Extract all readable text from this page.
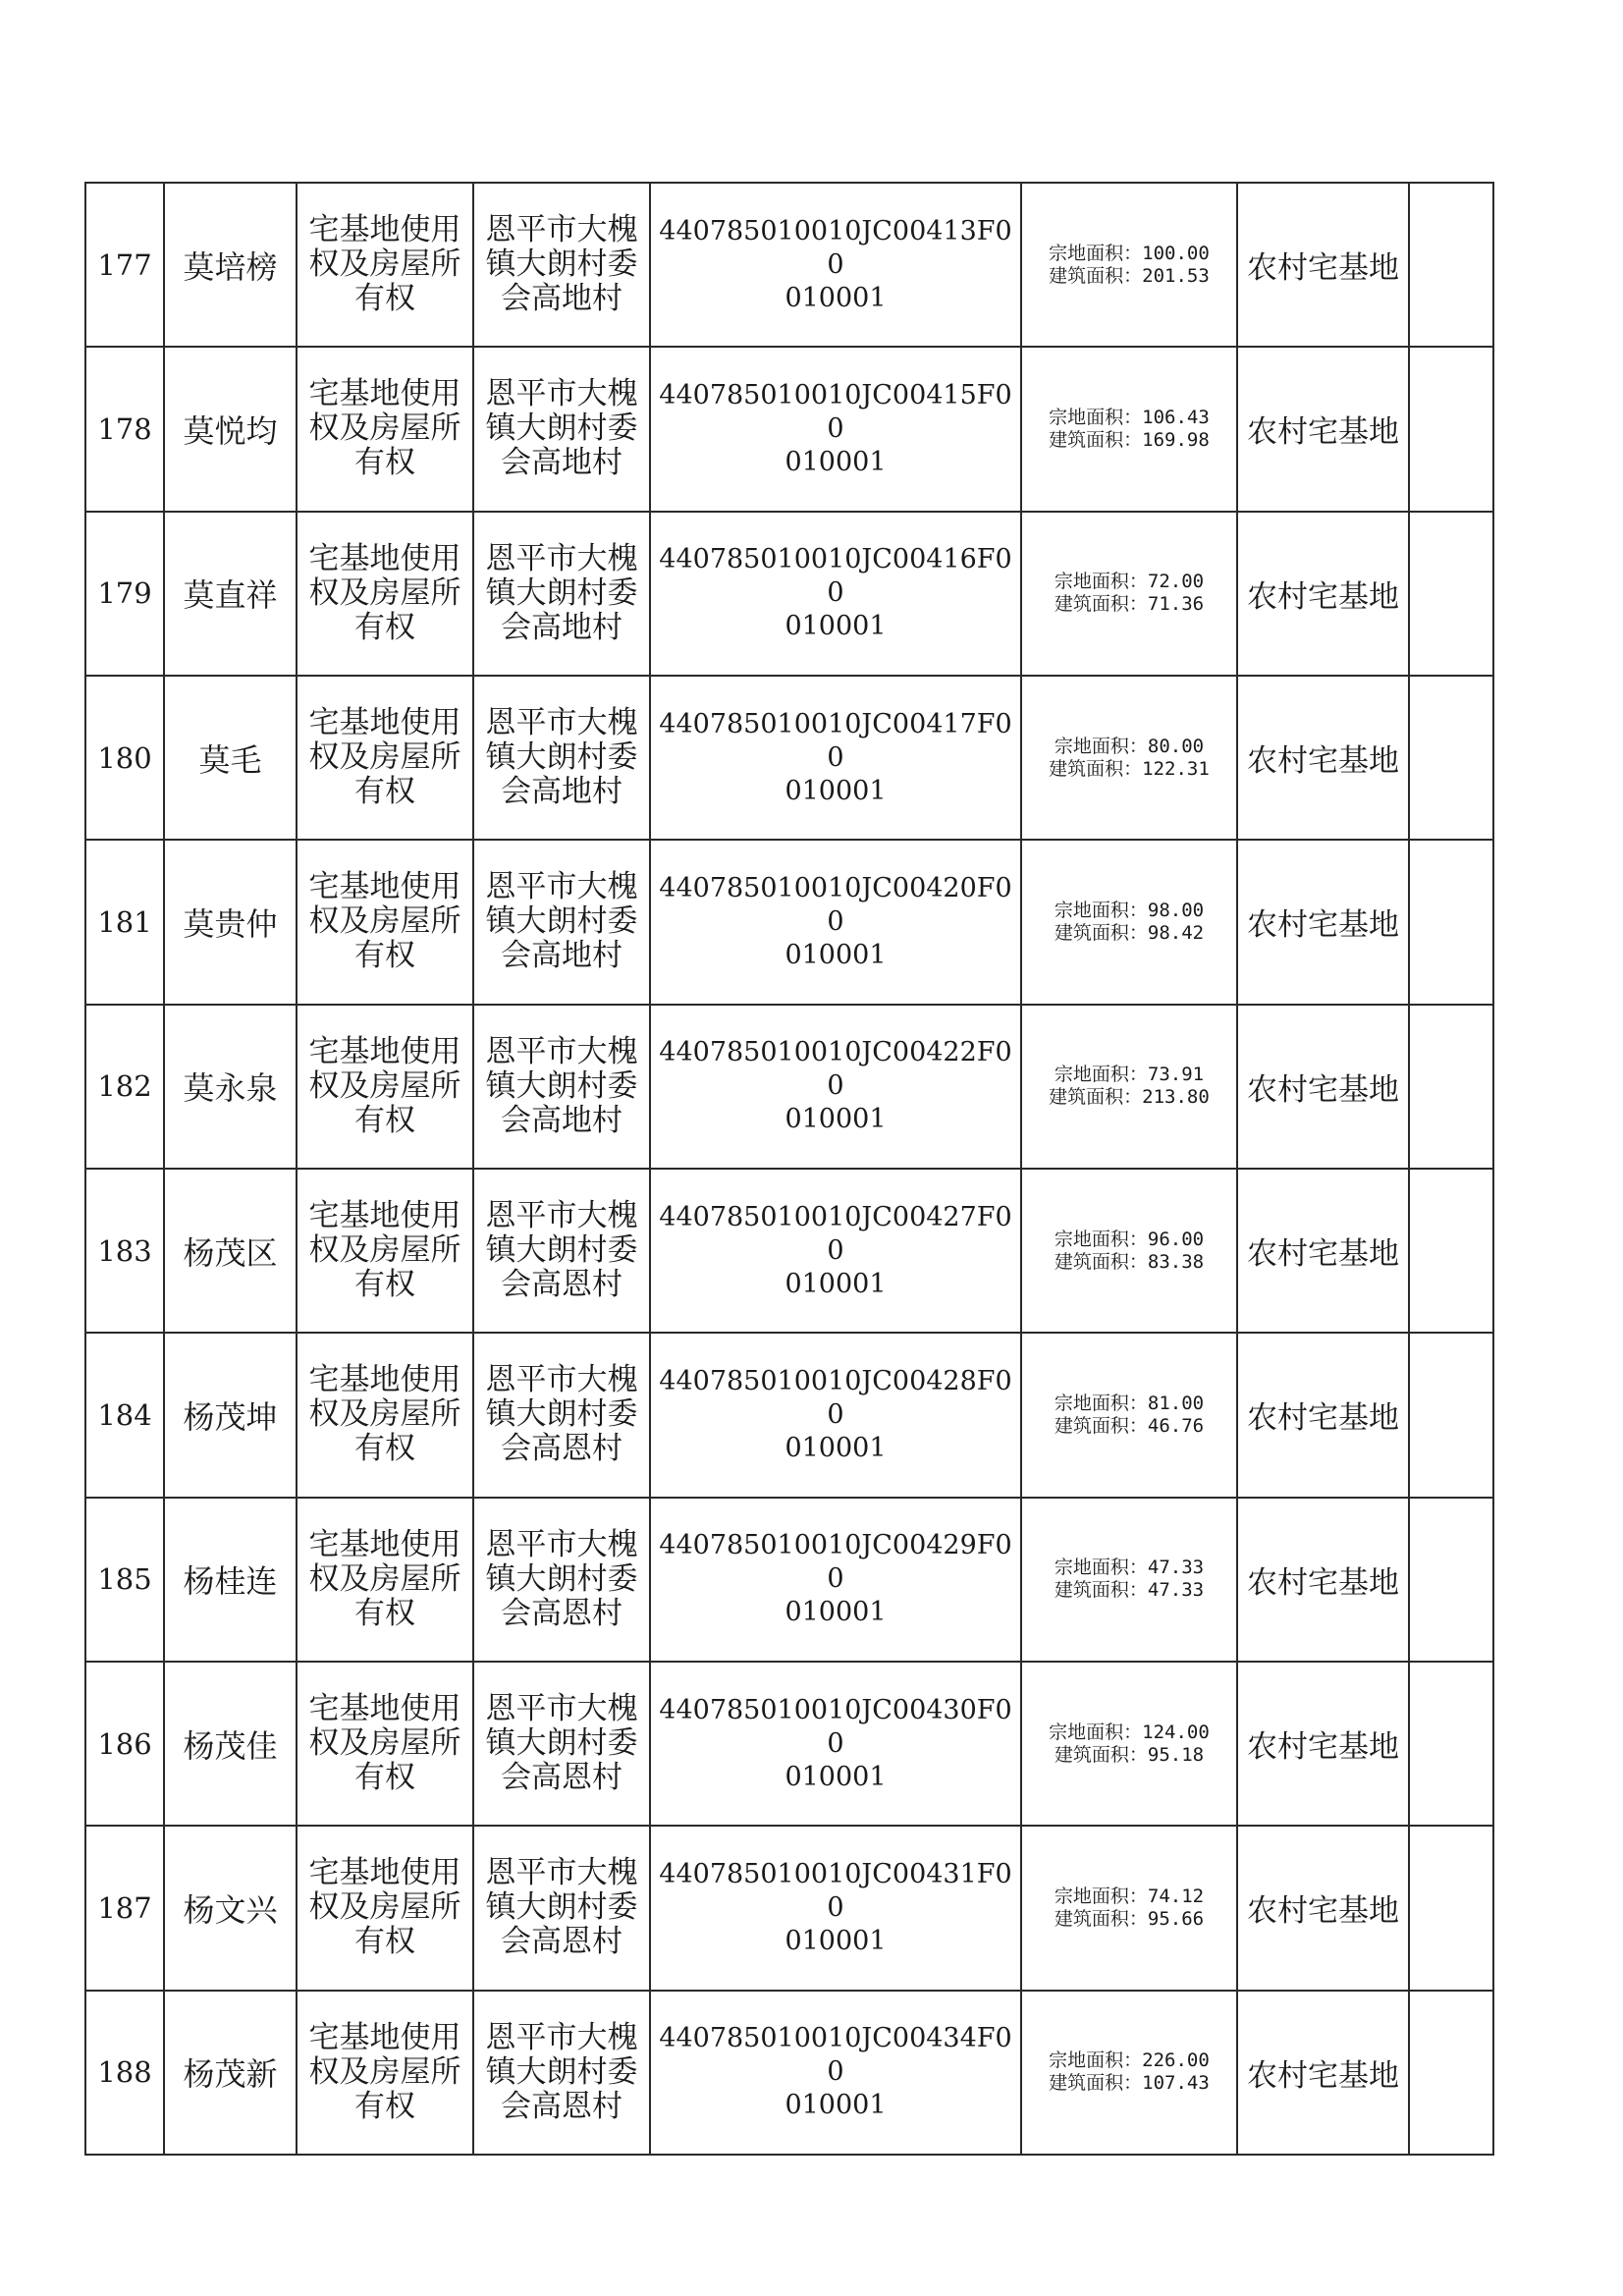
177	莫培榜	宅基地使用
权及房屋所
有权	恩平市大槐
镇大朗村委
会高地村	440785010010JC00413F00
010001	宗地面积：100.00
建筑面积：201.53	农村宅基地	
178	莫悦均	宅基地使用
权及房屋所
有权	恩平市大槐
镇大朗村委
会高地村	440785010010JC00415F00
010001	宗地面积：106.43
建筑面积：169.98	农村宅基地	
179	莫直祥	宅基地使用
权及房屋所
有权	恩平市大槐
镇大朗村委
会高地村	440785010010JC00416F00
010001	宗地面积：72.00
建筑面积：71.36	农村宅基地	
180	莫毛	宅基地使用
权及房屋所
有权	恩平市大槐
镇大朗村委
会高地村	440785010010JC00417F00
010001	宗地面积：80.00
建筑面积：122.31	农村宅基地	
181	莫贵仲	宅基地使用
权及房屋所
有权	恩平市大槐
镇大朗村委
会高地村	440785010010JC00420F00
010001	宗地面积：98.00
建筑面积：98.42	农村宅基地	
182	莫永泉	宅基地使用
权及房屋所
有权	恩平市大槐
镇大朗村委
会高地村	440785010010JC00422F00
010001	宗地面积：73.91
建筑面积：213.80	农村宅基地	
183	杨茂区	宅基地使用
权及房屋所
有权	恩平市大槐
镇大朗村委
会高恩村	440785010010JC00427F00
010001	宗地面积：96.00
建筑面积：83.38	农村宅基地	
184	杨茂坤	宅基地使用
权及房屋所
有权	恩平市大槐
镇大朗村委
会高恩村	440785010010JC00428F00
010001	宗地面积：81.00
建筑面积：46.76	农村宅基地	
185	杨桂连	宅基地使用
权及房屋所
有权	恩平市大槐
镇大朗村委
会高恩村	440785010010JC00429F00
010001	宗地面积：47.33
建筑面积：47.33	农村宅基地	
186	杨茂佳	宅基地使用
权及房屋所
有权	恩平市大槐
镇大朗村委
会高恩村	440785010010JC00430F00
010001	宗地面积：124.00
建筑面积：95.18	农村宅基地	
187	杨文兴	宅基地使用
权及房屋所
有权	恩平市大槐
镇大朗村委
会高恩村	440785010010JC00431F00
010001	宗地面积：74.12
建筑面积：95.66	农村宅基地	
188	杨茂新	宅基地使用
权及房屋所
有权	恩平市大槐
镇大朗村委
会高恩村	440785010010JC00434F00
010001	宗地面积：226.00
建筑面积：107.43	农村宅基地	
